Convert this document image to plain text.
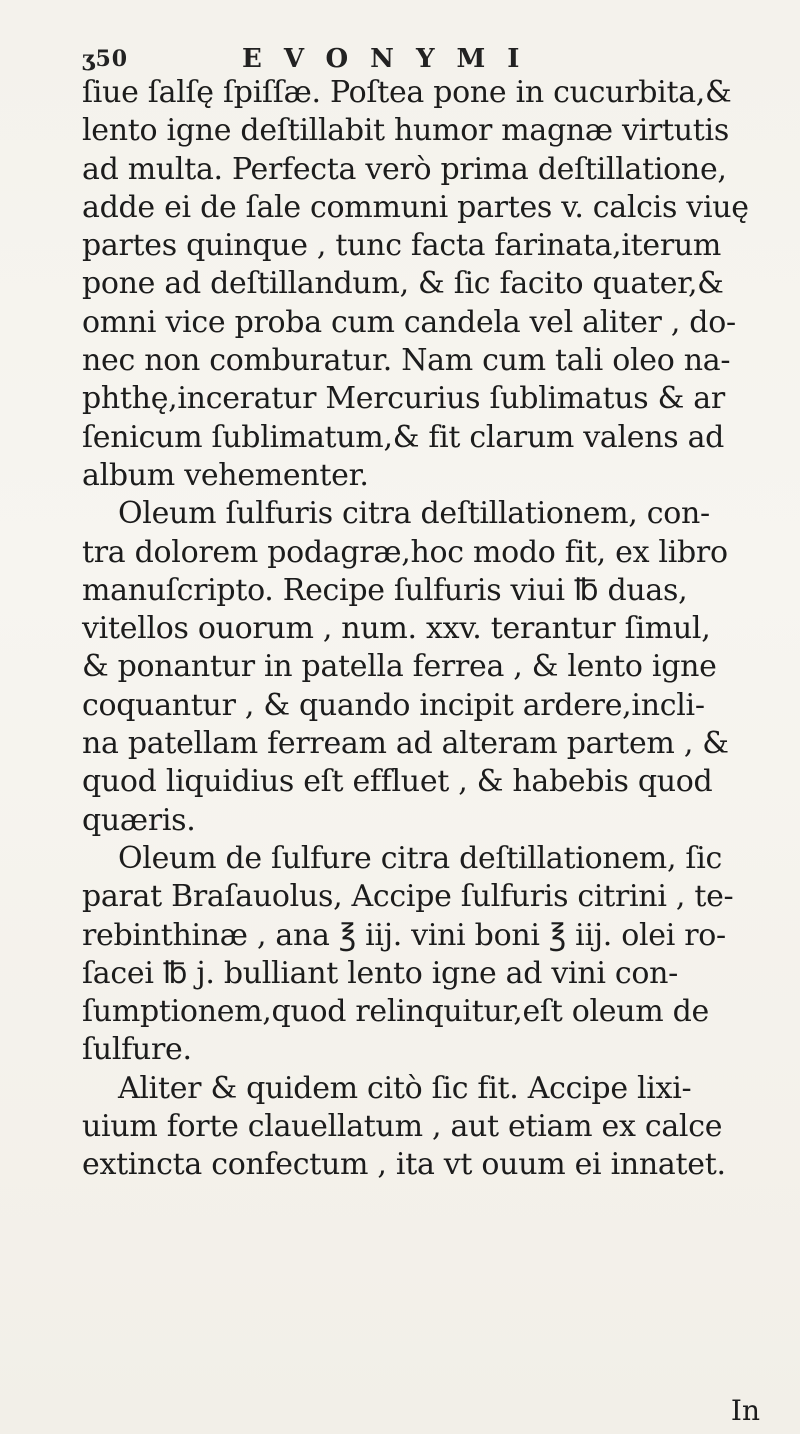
ʒ50	EVONYMI
ſiue ſalſę ſpiſſæ. Poſtea pone in cucurbita,&
lento igne deſtillabit humor magnæ virtutis
ad multa. Perfecta verò prima deſtillatione,
adde ei de ſale communi partes v. calcis viuę
partes quinque , tunc facta farinata,iterum
pone ad deſtillandum, & ſic facito quater,&
omni vice proba cum candela vel aliter , do-
nec non comburatur. Nam cum tali oleo na-
phthę,inceratur Mercurius ſublimatus & ar
ſenicum ſublimatum,& fit clarum valens ad
album vehementer.
Oleum ſulfuris citra deſtillationem, con-
tra dolorem podagræ,hoc modo fit, ex libro
manuſcripto. Recipe ſulfuris viui ℔ duas,
vitellos ouorum , num. xxv. terantur ſimul,
& ponantur in patella ferrea , & lento igne
coquantur , & quando incipit ardere,incli-
na patellam ferream ad alteram partem , &
quod liquidius eſt effluet , & habebis quod
quæris.
Oleum de ſulfure citra deſtillationem, ſic
parat Braſauolus, Accipe ſulfuris citrini , te-
rebinthinæ , ana ℥ iij. vini boni ℥ iij. olei ro-
ſacei ℔ j. bulliant lento igne ad vini con-
ſumptionem,quod relinquitur,eſt oleum de
ſulfure.
Aliter & quidem citò ſic fit. Accipe lixi-
uium forte clauellatum , aut etiam ex calce
extincta confectum , ita vt ouum ei innatet.
In
